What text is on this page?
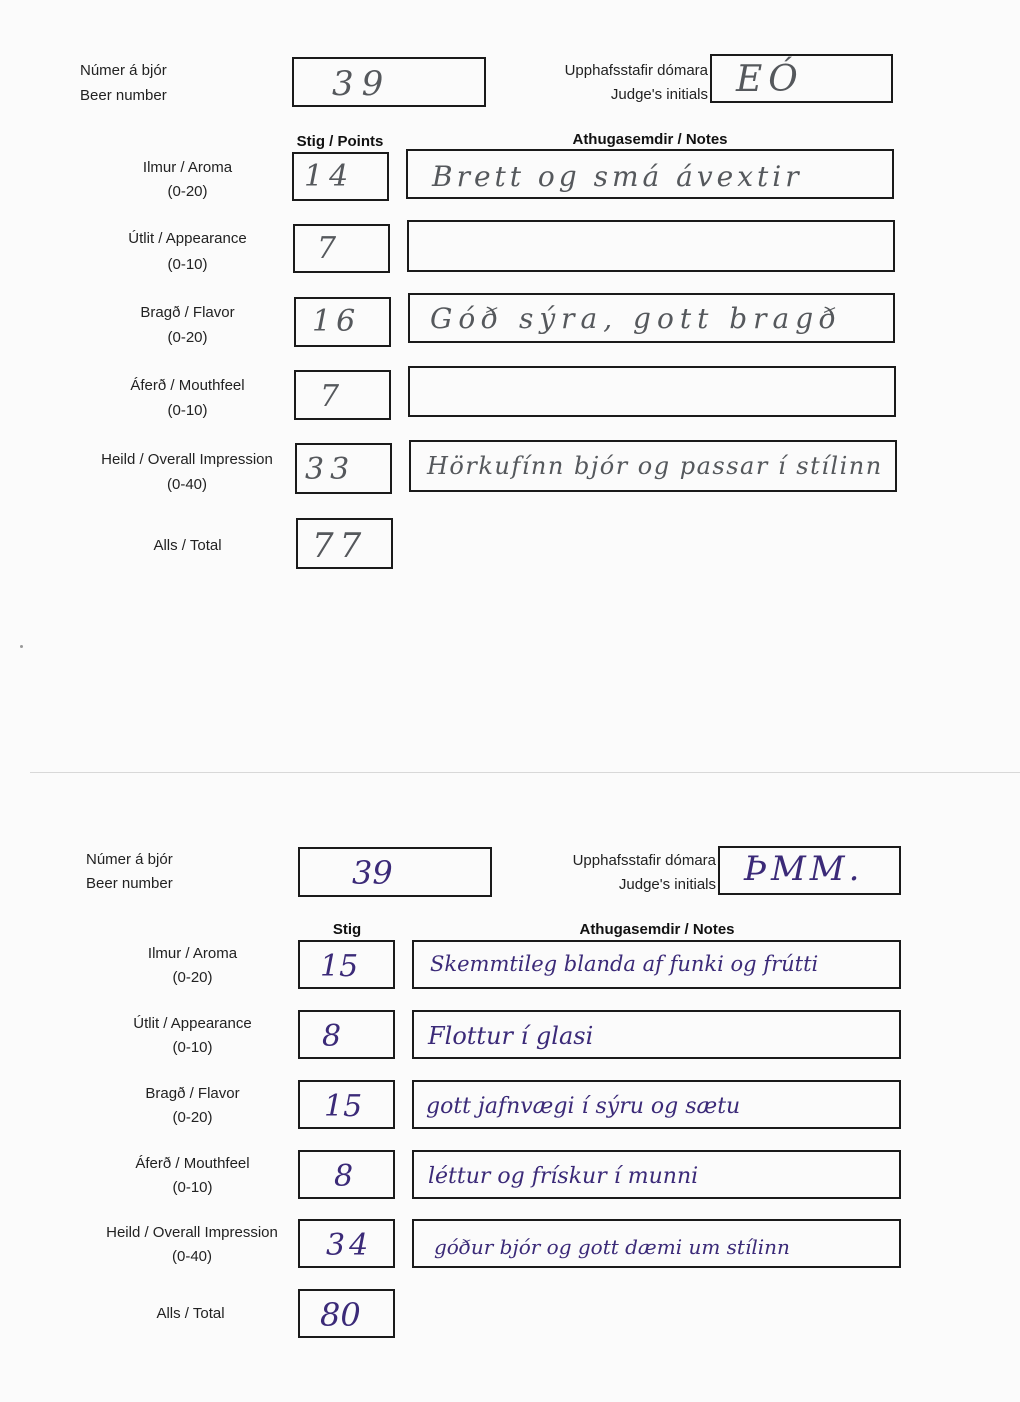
Númer á bjór
Beer number	39	Upphafsstafir dómara
Judge's initials EÓ
Stig / Points	Athugasemdir / Notes
Ilmur / Aroma
(0-20)	14	Brett og smá ávextir
Útlit / Appearance
(0-10)	7
Bragð / Flavor
(0-20)	16 Góð sýra, gott bragð
Áferð / Mouthfeel
(0-10)	7
Heild / Overall Impression
(0-40)	33	Hörkufínn bjór og passar í stílinn
Alls / Total	77
Númer á bjór
Beer number	39	Upphafsstafir dómara
Judge's initials ÞMM.
Stig	Athugasemdir / Notes
Ilmur / Aroma
(0-20)	15	Skemmtileg blanda af funki og frútti
Útlit / Appearance
(0-10)	8	Flottur í glasi
Bragð / Flavor
(0-20)	15	gott jafnvægi í sýru og sætu
Áferð / Mouthfeel
(0-10)	8	léttur og frískur í munni
Heild / Overall Impression
(0-40)	34	góður bjór og gott dæmi um stílinn
Alls / Total	80
